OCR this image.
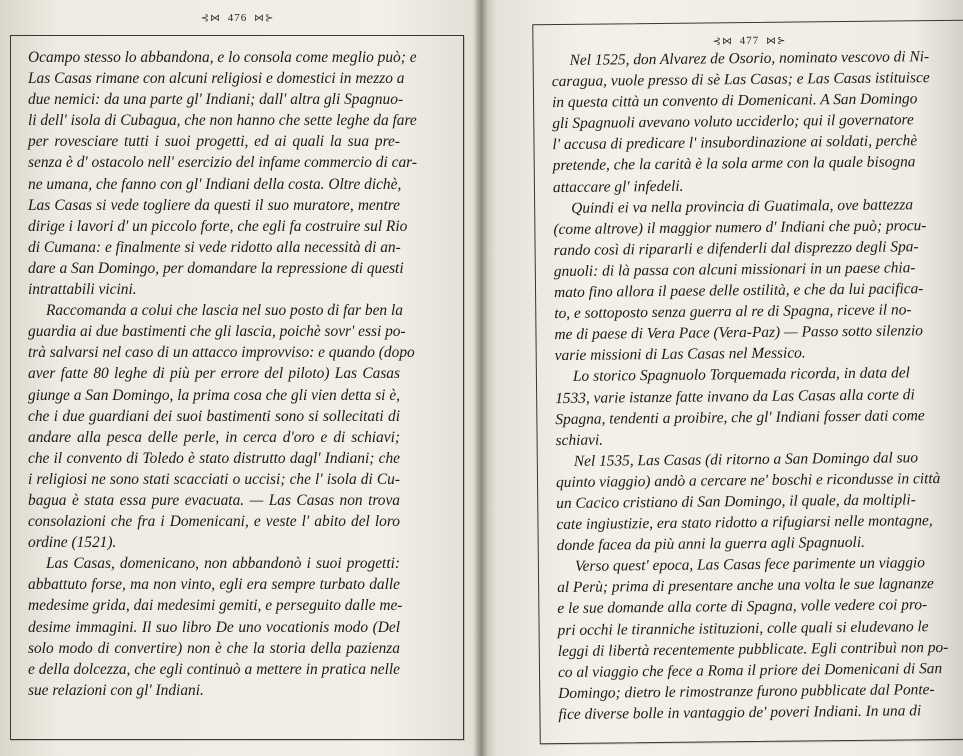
⊰⋈ 476 ⋈⊱
Ocampo stesso lo abbandona, e lo consola come meglio può; e
Las Casas rimane con alcuni religiosi e domestici in mezzo a
due nemici: da una parte gl' Indiani; dall' altra gli Spagnuo-
li dell' isola di Cubagua, che non hanno che sette leghe da fare
per rovesciare tutti i suoi progetti, ed ai quali la sua pre-
senza è d' ostacolo nell' esercizio del infame commercio di car-
ne umana, che fanno con gl' Indiani della costa. Oltre dichè,
Las Casas si vede togliere da questi il suo muratore, mentre
dirige i lavori d' un piccolo forte, che egli fa costruire sul Rio
di Cumana: e finalmente si vede ridotto alla necessità di an-
dare a San Domingo, per domandare la repressione di questi
intrattabili vicini.
Raccomanda a colui che lascia nel suo posto di far ben la
guardia ai due bastimenti che gli lascia, poichè sovr' essi po-
trà salvarsi nel caso di un attacco improvviso: e quando (dopo
aver fatte 80 leghe di più per errore del piloto) Las Casas
giunge a San Domingo, la prima cosa che gli vien detta si è,
che i due guardiani dei suoi bastimenti sono si sollecitati di
andare alla pesca delle perle, in cerca d'oro e di schiavi;
che il convento di Toledo è stato distrutto dagl' Indiani; che
i religiosi ne sono stati scacciati o uccisi; che l' isola di Cu-
bagua è stata essa pure evacuata. — Las Casas non trova
consolazioni che fra i Domenicani, e veste l' abito del loro
ordine (1521).
Las Casas, domenicano, non abbandonò i suoi progetti:
abbattuto forse, ma non vinto, egli era sempre turbato dalle
medesime grida, dai medesimi gemiti, e perseguito dalle me-
desime immagini. Il suo libro De uno vocationis modo (Del
solo modo di convertire) non è che la storia della pazienza
e della dolcezza, che egli continuò a mettere in pratica nelle
sue relazioni con gl' Indiani.
⊰⋈ 477 ⋈⊱
Nel 1525, don Alvarez de Osorio, nominato vescovo di Ni-
caragua, vuole presso di sè Las Casas; e Las Casas istituisce
in questa città un convento di Domenicani. A San Domingo
gli Spagnuoli avevano voluto ucciderlo; qui il governatore
l' accusa di predicare l' insubordinazione ai soldati, perchè
pretende, che la carità è la sola arme con la quale bisogna
attaccare gl' infedeli.
Quindi ei va nella provincia di Guatimala, ove battezza
(come altrove) il maggior numero d' Indiani che può; procu-
rando così di ripararli e difenderli dal disprezzo degli Spa-
gnuoli: di là passa con alcuni missionari in un paese chia-
mato fino allora il paese delle ostilità, e che da lui pacifica-
to, e sottoposto senza guerra al re di Spagna, riceve il no-
me di paese di Vera Pace (Vera-Paz) — Passo sotto silenzio
varie missioni di Las Casas nel Messico.
Lo storico Spagnuolo Torquemada ricorda, in data del
1533, varie istanze fatte invano da Las Casas alla corte di
Spagna, tendenti a proibire, che gl' Indiani fosser dati come
schiavi.
Nel 1535, Las Casas (di ritorno a San Domingo dal suo
quinto viaggio) andò a cercare ne' boschi e ricondusse in città
un Cacico cristiano di San Domingo, il quale, da moltipli-
cate ingiustizie, era stato ridotto a rifugiarsi nelle montagne,
donde facea da più anni la guerra agli Spagnuoli.
Verso quest' epoca, Las Casas fece parimente un viaggio
al Perù; prima di presentare anche una volta le sue lagnanze
e le sue domande alla corte di Spagna, volle vedere coi pro-
pri occhi le tiranniche istituzioni, colle quali si eludevano le
leggi di libertà recentemente pubblicate. Egli contribuì non po-
co al viaggio che fece a Roma il priore dei Domenicani di San
Domingo; dietro le rimostranze furono pubblicate dal Ponte-
fice diverse bolle in vantaggio de' poveri Indiani. In una di
